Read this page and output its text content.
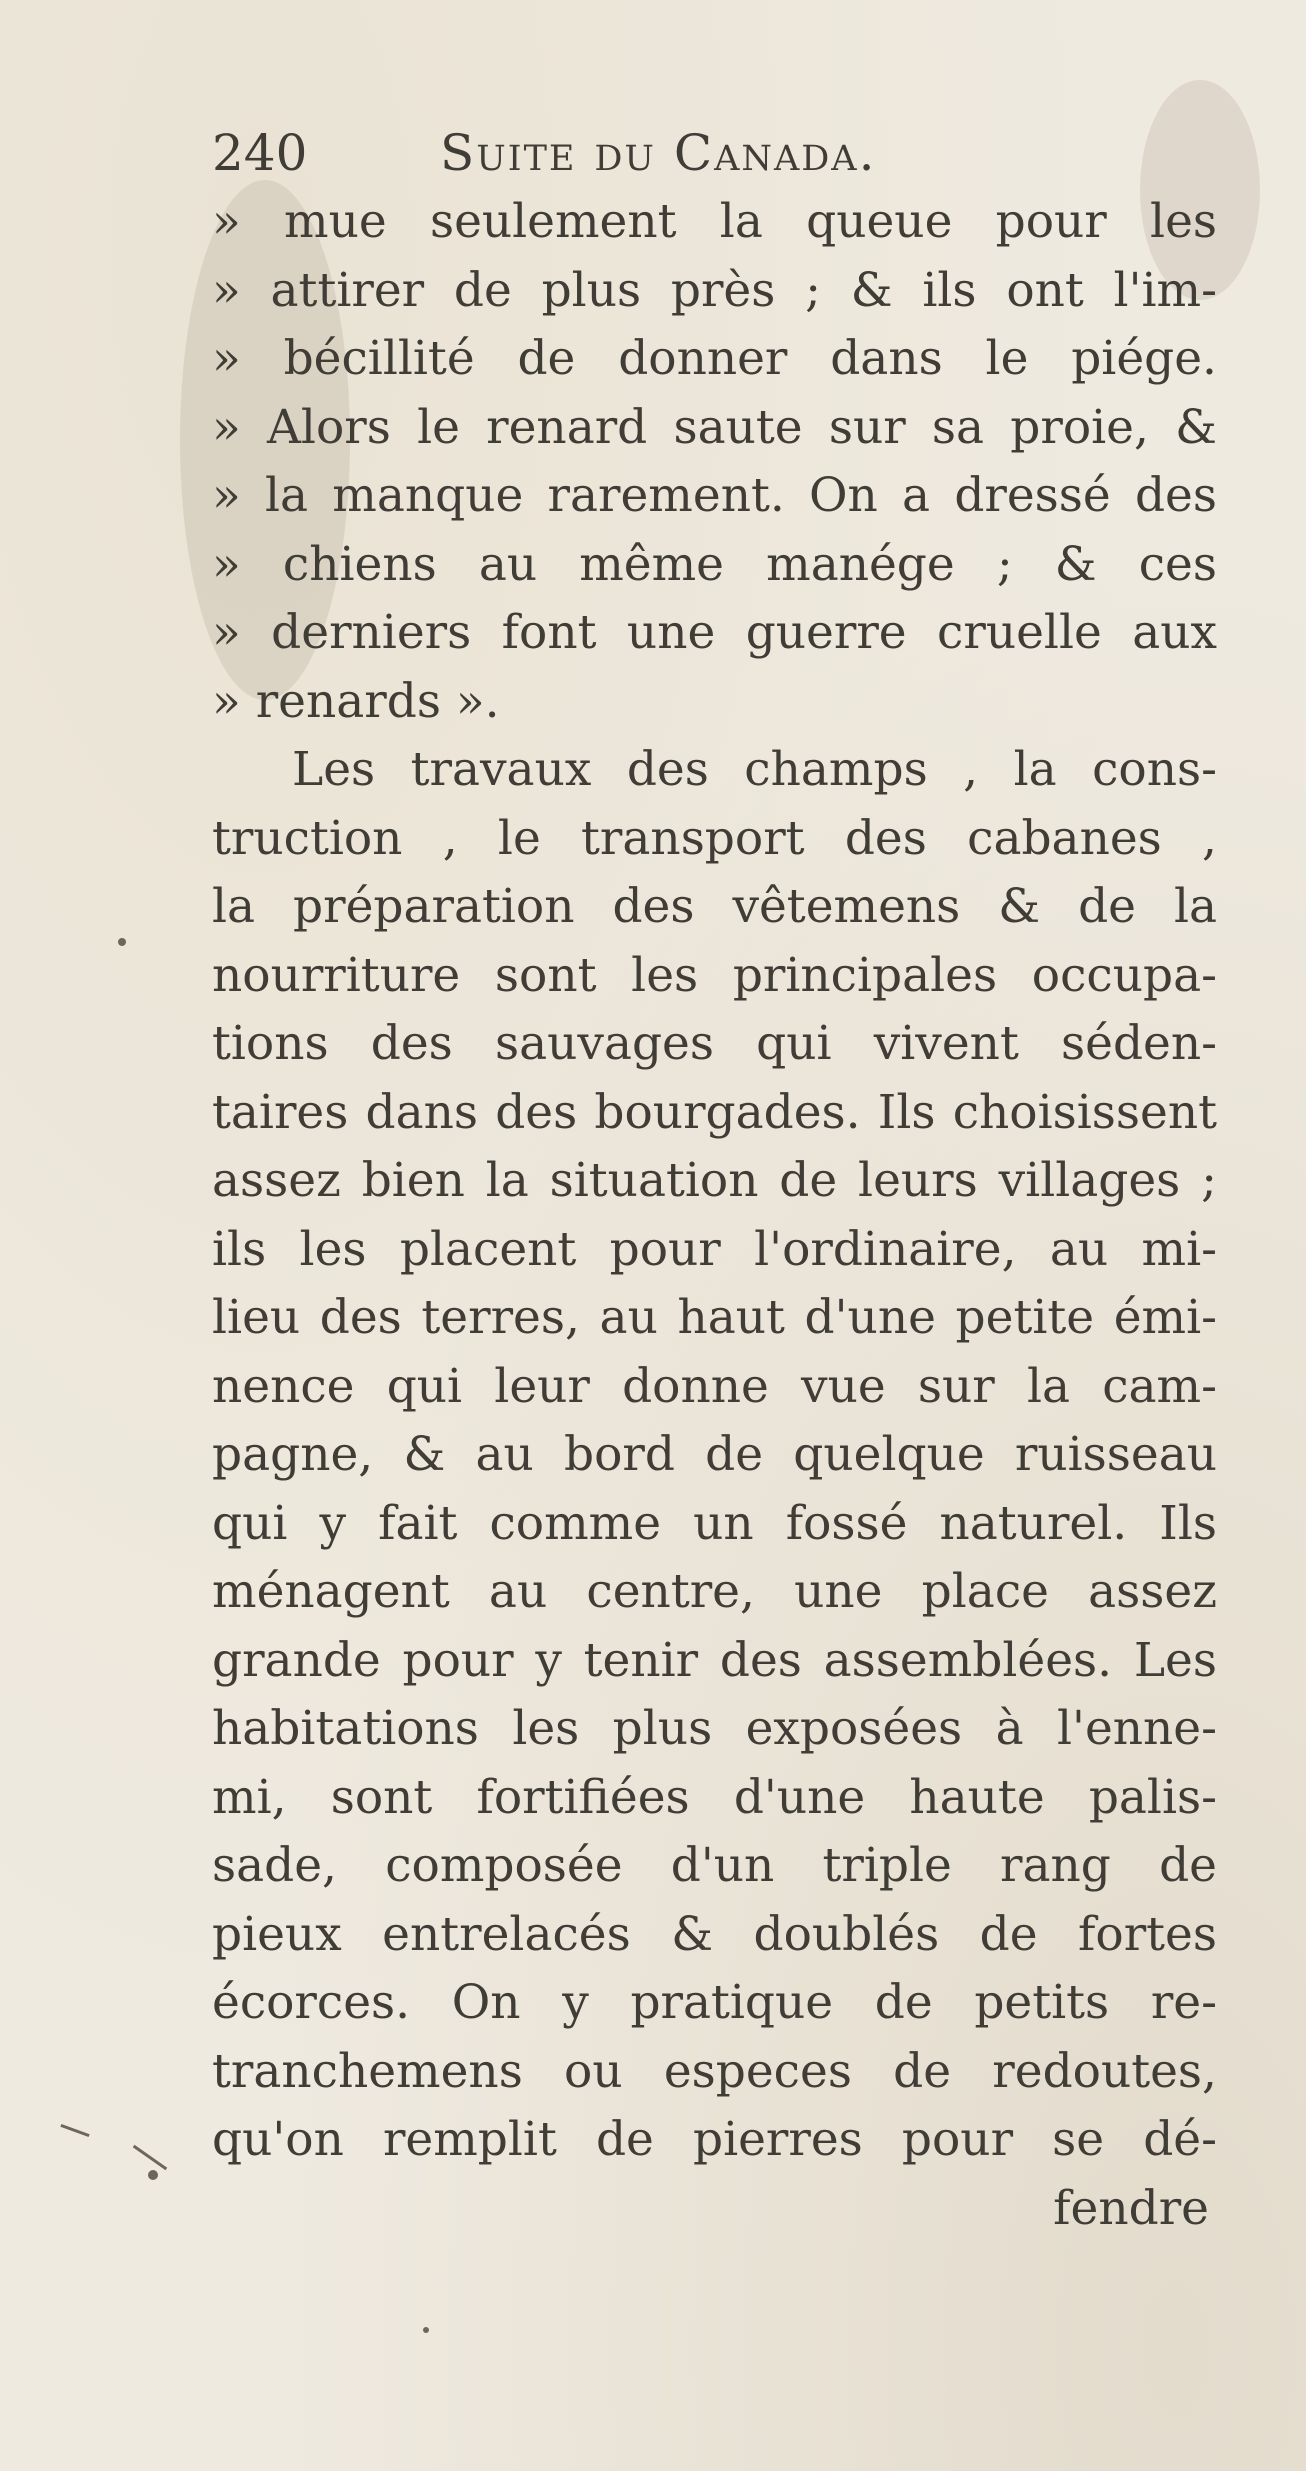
240	Suite du Canada.
» mue seulement la queue pour les
» attirer de plus près ; & ils ont l'im-
» bécillité de donner dans le piége.
» Alors le renard saute sur sa proie, &
» la manque rarement. On a dressé des
» chiens au même manége ; & ces
» derniers font une guerre cruelle aux
» renards ».
Les travaux des champs , la cons-
truction , le transport des cabanes ,
la préparation des vêtemens & de la
nourriture sont les principales occupa-
tions des sauvages qui vivent séden-
taires dans des bourgades. Ils choisissent
assez bien la situation de leurs villages ;
ils les placent pour l'ordinaire, au mi-
lieu des terres, au haut d'une petite émi-
nence qui leur donne vue sur la cam-
pagne, & au bord de quelque ruisseau
qui y fait comme un fossé naturel. Ils
ménagent au centre, une place assez
grande pour y tenir des assemblées. Les
habitations les plus exposées à l'enne-
mi, sont fortifiées d'une haute palis-
sade, composée d'un triple rang de
pieux entrelacés & doublés de fortes
écorces. On y pratique de petits re-
tranchemens ou especes de redoutes,
qu'on remplit de pierres pour se dé-
fendre
